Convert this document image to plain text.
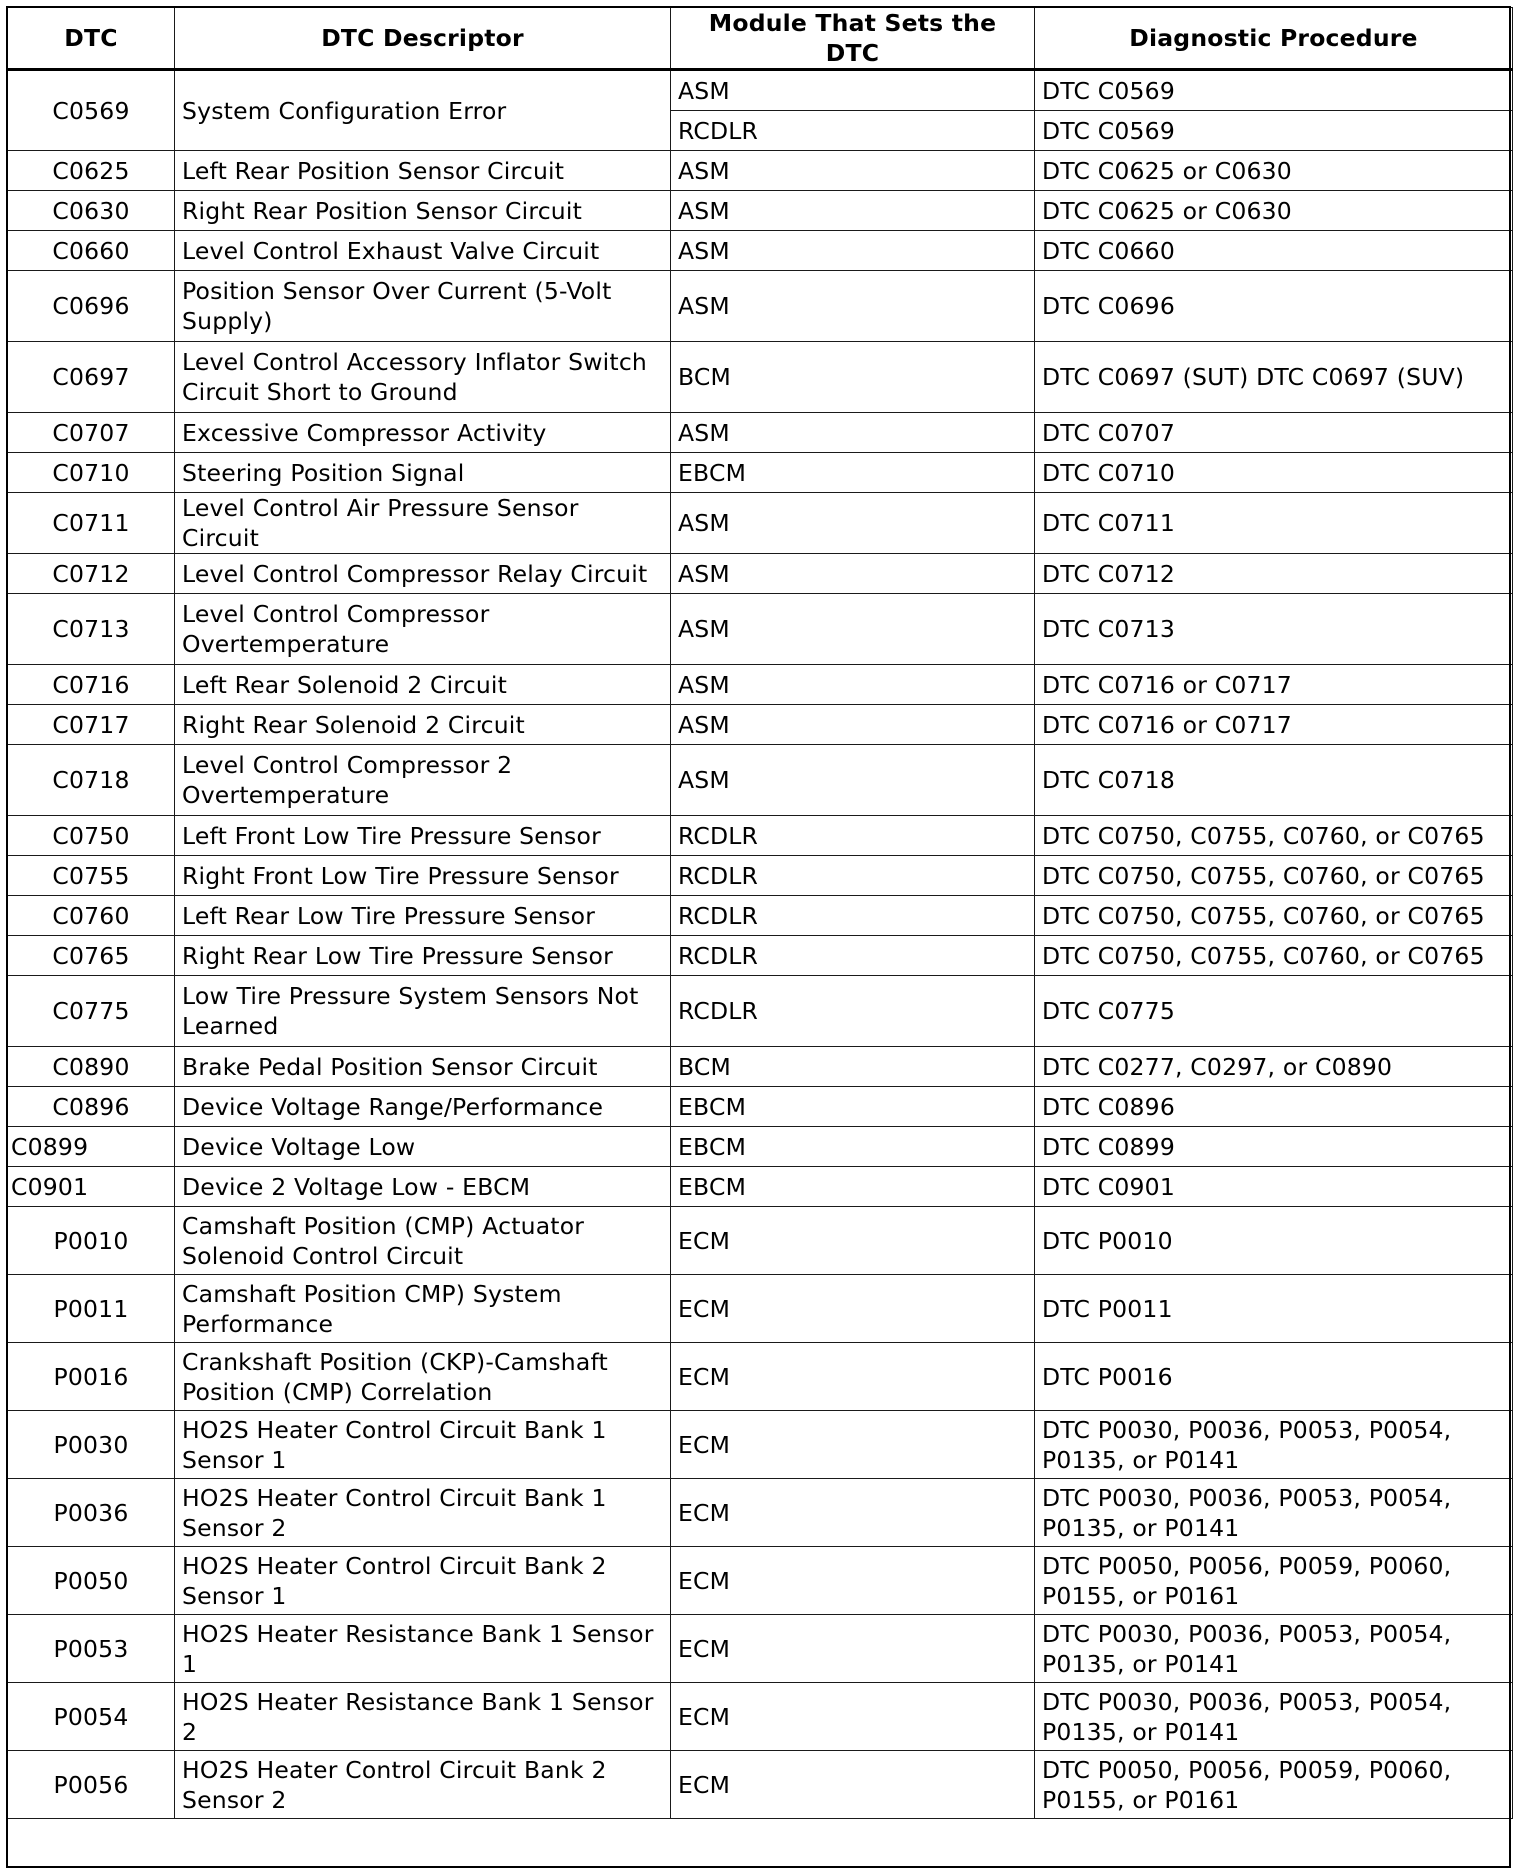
DTC	DTC Descriptor	Module That Sets the DTC	Diagnostic Procedure
C0569	System Configuration Error	ASM	DTC C0569
		RCDLR	DTC C0569
C0625	Left Rear Position Sensor Circuit	ASM	DTC C0625 or C0630
C0630	Right Rear Position Sensor Circuit	ASM	DTC C0625 or C0630
C0660	Level Control Exhaust Valve Circuit	ASM	DTC C0660
C0696	Position Sensor Over Current (5-Volt Supply)	ASM	DTC C0696
C0697	Level Control Accessory Inflator Switch Circuit Short to Ground	BCM	DTC C0697 (SUT) DTC C0697 (SUV)
C0707	Excessive Compressor Activity	ASM	DTC C0707
C0710	Steering Position Signal	EBCM	DTC C0710
C0711	Level Control Air Pressure Sensor Circuit	ASM	DTC C0711
C0712	Level Control Compressor Relay Circuit	ASM	DTC C0712
C0713	Level Control Compressor Overtemperature	ASM	DTC C0713
C0716	Left Rear Solenoid 2 Circuit	ASM	DTC C0716 or C0717
C0717	Right Rear Solenoid 2 Circuit	ASM	DTC C0716 or C0717
C0718	Level Control Compressor 2 Overtemperature	ASM	DTC C0718
C0750	Left Front Low Tire Pressure Sensor	RCDLR	DTC C0750, C0755, C0760, or C0765
C0755	Right Front Low Tire Pressure Sensor	RCDLR	DTC C0750, C0755, C0760, or C0765
C0760	Left Rear Low Tire Pressure Sensor	RCDLR	DTC C0750, C0755, C0760, or C0765
C0765	Right Rear Low Tire Pressure Sensor	RCDLR	DTC C0750, C0755, C0760, or C0765
C0775	Low Tire Pressure System Sensors Not Learned	RCDLR	DTC C0775
C0890	Brake Pedal Position Sensor Circuit	BCM	DTC C0277, C0297, or C0890
C0896	Device Voltage Range/Performance	EBCM	DTC C0896
C0899	Device Voltage Low	EBCM	DTC C0899
C0901	Device 2 Voltage Low - EBCM	EBCM	DTC C0901
P0010	Camshaft Position (CMP) Actuator Solenoid Control Circuit	ECM	DTC P0010
P0011	Camshaft Position CMP) System Performance	ECM	DTC P0011
P0016	Crankshaft Position (CKP)-Camshaft Position (CMP) Correlation	ECM	DTC P0016
P0030	HO2S Heater Control Circuit Bank 1 Sensor 1	ECM	DTC P0030, P0036, P0053, P0054, P0135, or P0141
P0036	HO2S Heater Control Circuit Bank 1 Sensor 2	ECM	DTC P0030, P0036, P0053, P0054, P0135, or P0141
P0050	HO2S Heater Control Circuit Bank 2 Sensor 1	ECM	DTC P0050, P0056, P0059, P0060, P0155, or P0161
P0053	HO2S Heater Resistance Bank 1 Sensor 1	ECM	DTC P0030, P0036, P0053, P0054, P0135, or P0141
P0054	HO2S Heater Resistance Bank 1 Sensor 2	ECM	DTC P0030, P0036, P0053, P0054, P0135, or P0141
P0056	HO2S Heater Control Circuit Bank 2 Sensor 2	ECM	DTC P0050, P0056, P0059, P0060, P0155, or P0161
